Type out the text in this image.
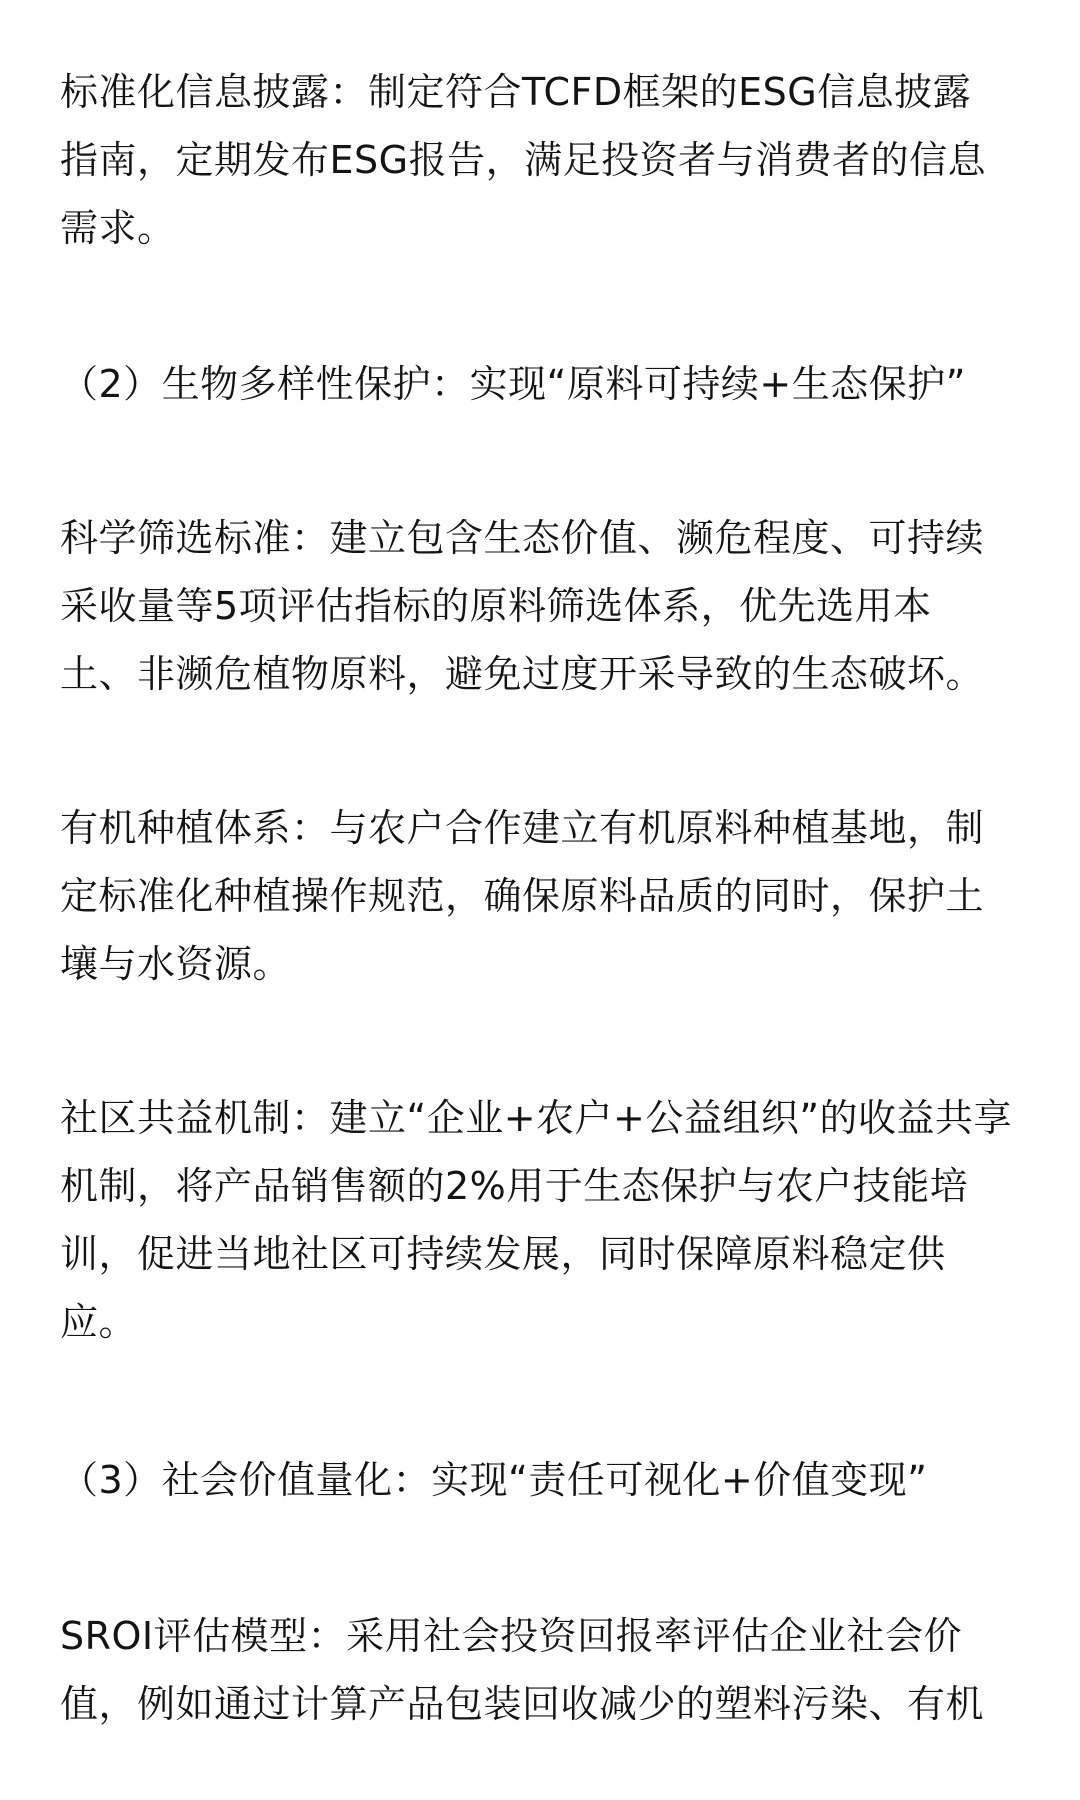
标准化信息披露：制定符合TCFD框架的ESG信息披露
指南，定期发布ESG报告，满足投资者与消费者的信息
需求。
（2）生物多样性保护：实现“原料可持续+生态保护”
科学筛选标准：建立包含生态价值、濒危程度、可持续
采收量等5项评估指标的原料筛选体系，优先选用本
土、非濒危植物原料，避免过度开采导致的生态破坏。
有机种植体系：与农户合作建立有机原料种植基地，制
定标准化种植操作规范，确保原料品质的同时，保护土
壤与水资源。
社区共益机制：建立“企业+农户+公益组织”的收益共享
机制，将产品销售额的2%用于生态保护与农户技能培
训，促进当地社区可持续发展，同时保障原料稳定供
应。
（3）社会价值量化：实现“责任可视化+价值变现”
SROI评估模型：采用社会投资回报率评估企业社会价
值，例如通过计算产品包装回收减少的塑料污染、有机
